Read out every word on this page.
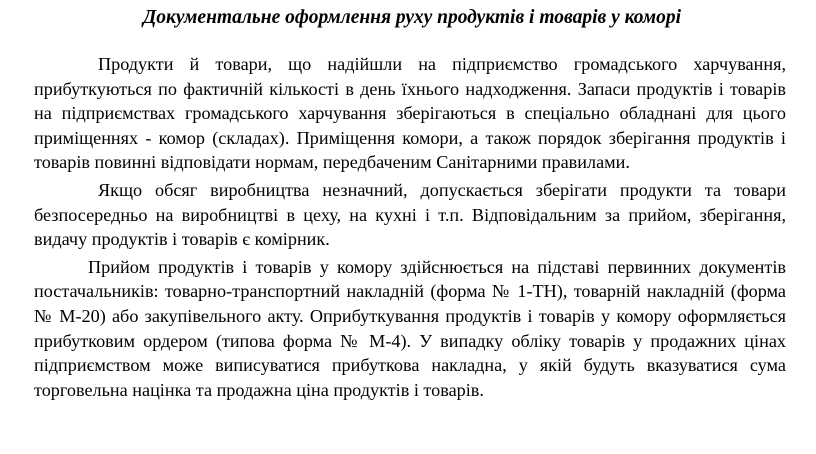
Документальне оформлення руху продуктів і товарів у коморі

Продукти й товари, що надійшли на підприємство громадського харчування, прибуткуються по фактичній кількості в день їхнього надходження. Запаси продуктів і товарів на підприємствах громадського харчування зберігаються в спеціально обладнані для цього приміщеннях - комор (складах). Приміщення комори, а також порядок зберігання продуктів і товарів повинні відповідати нормам, передбаченим Санітарними правилами.

Якщо обсяг виробництва незначний, допускається зберігати продукти та товари безпосередньо на виробництві в цеху, на кухні і т.п. Відповідальним за прийом, зберігання, видачу продуктів і товарів є комірник.

Прийом продуктів і товарів у комору здійснюється на підставі первинних документів постачальників: товарно-транспортний накладній (форма № 1-ТН), товарній накладній (форма № М-20) або закупівельного акту. Оприбуткування продуктів і товарів у комору оформляється прибутковим ордером (типова форма № М-4). У випадку обліку товарів у продажних цінах підприємством може виписуватися прибуткова накладна, у якій будуть вказуватися сума торговельна націнка та продажна ціна продуктів і товарів.
